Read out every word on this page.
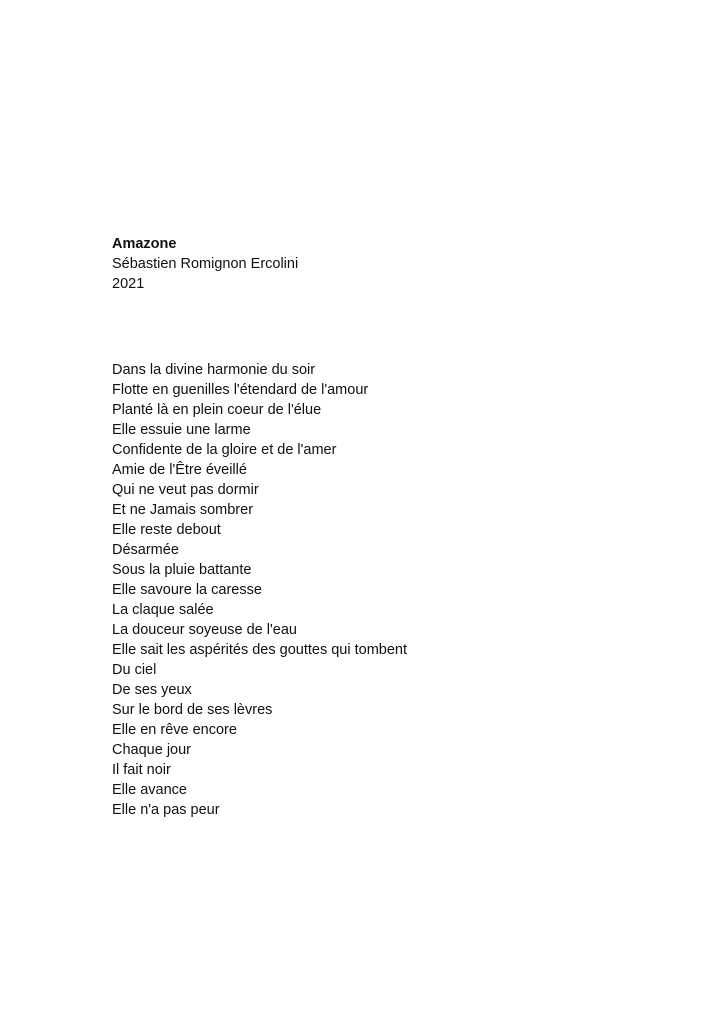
Amazone

Sébastien Romignon Ercolini

2021

Dans la divine harmonie du soir
Flotte en guenilles l'étendard de l'amour
Planté là en plein coeur de l'élue
Elle essuie une larme
Confidente de la gloire et de l'amer
Amie de l'Être éveillé
Qui ne veut pas dormir
Et ne Jamais sombrer
Elle reste debout
Désarmée
Sous la pluie battante
Elle savoure la caresse
La claque salée
La douceur soyeuse de l'eau
Elle sait les aspérités des gouttes qui tombent
Du ciel
De ses yeux
Sur le bord de ses lèvres
Elle en rêve encore
Chaque jour
Il fait noir
Elle avance
Elle n'a pas peur
